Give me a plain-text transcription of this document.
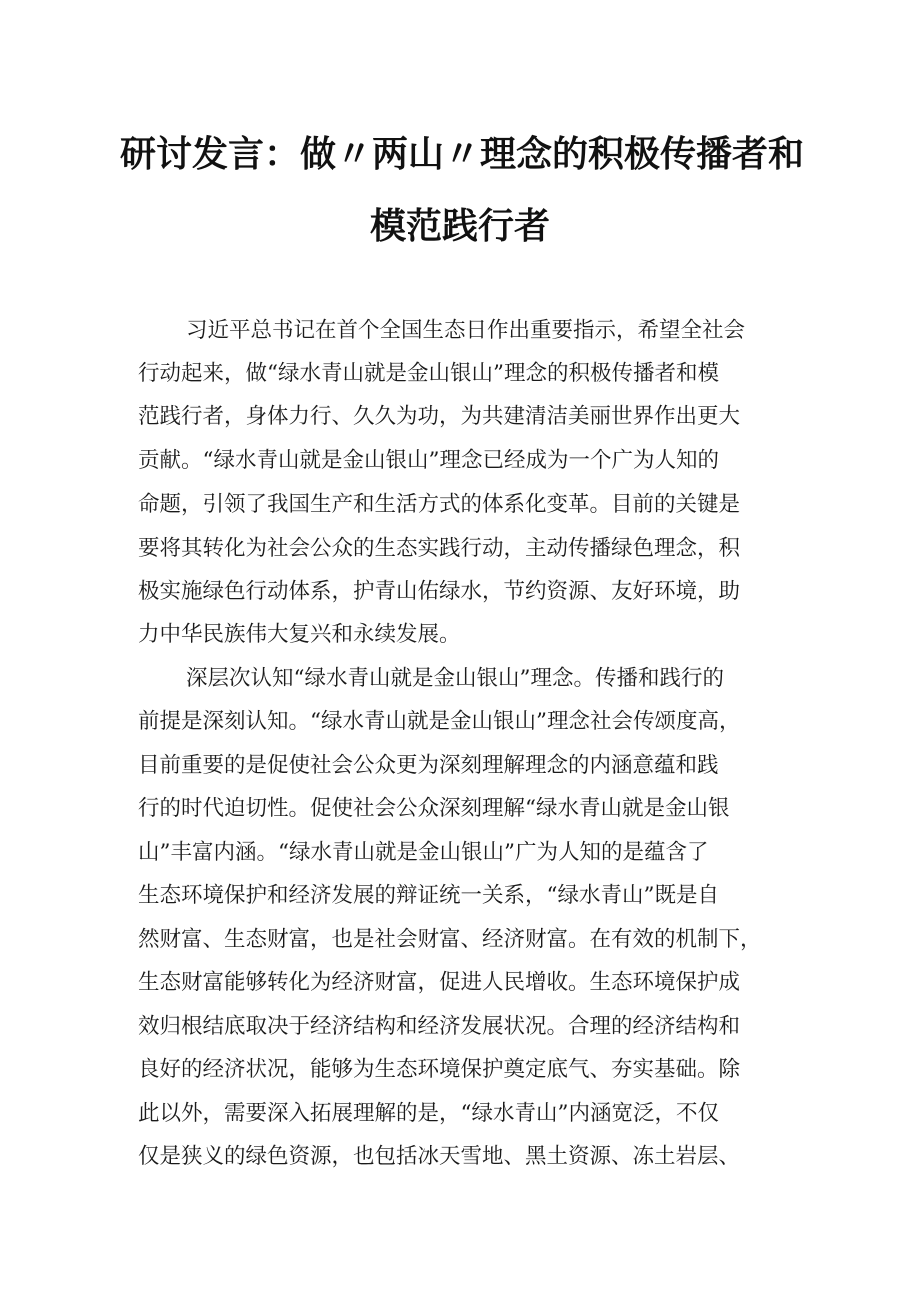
研讨发言：做〃两山〃理念的积极传播者和
模范践行者

习近平总书记在首个全国生态日作出重要指示，希望全社会

行动起来，做“绿水青山就是金山银山”理念的积极传播者和模

范践行者，身体力行、久久为功，为共建清洁美丽世界作出更大

贡献。“绿水青山就是金山银山”理念已经成为一个广为人知的

命题，引领了我国生产和生活方式的体系化变革。目前的关键是

要将其转化为社会公众的生态实践行动，主动传播绿色理念，积

极实施绿色行动体系，护青山佑绿水，节约资源、友好环境，助

力中华民族伟大复兴和永续发展。

深层次认知“绿水青山就是金山银山”理念。传播和践行的

前提是深刻认知。“绿水青山就是金山银山”理念社会传颂度高，

目前重要的是促使社会公众更为深刻理解理念的内涵意蕴和践

行的时代迫切性。促使社会公众深刻理解“绿水青山就是金山银

山”丰富内涵。“绿水青山就是金山银山”广为人知的是蕴含了

生态环境保护和经济发展的辩证统一关系，“绿水青山”既是自

然财富、生态财富，也是社会财富、经济财富。在有效的机制下，

生态财富能够转化为经济财富，促进人民增收。生态环境保护成

效归根结底取决于经济结构和经济发展状况。合理的经济结构和

良好的经济状况，能够为生态环境保护奠定底气、夯实基础。除

此以外，需要深入拓展理解的是，“绿水青山”内涵宽泛，不仅

仅是狭义的绿色资源，也包括冰天雪地、黑土资源、冻土岩层、
